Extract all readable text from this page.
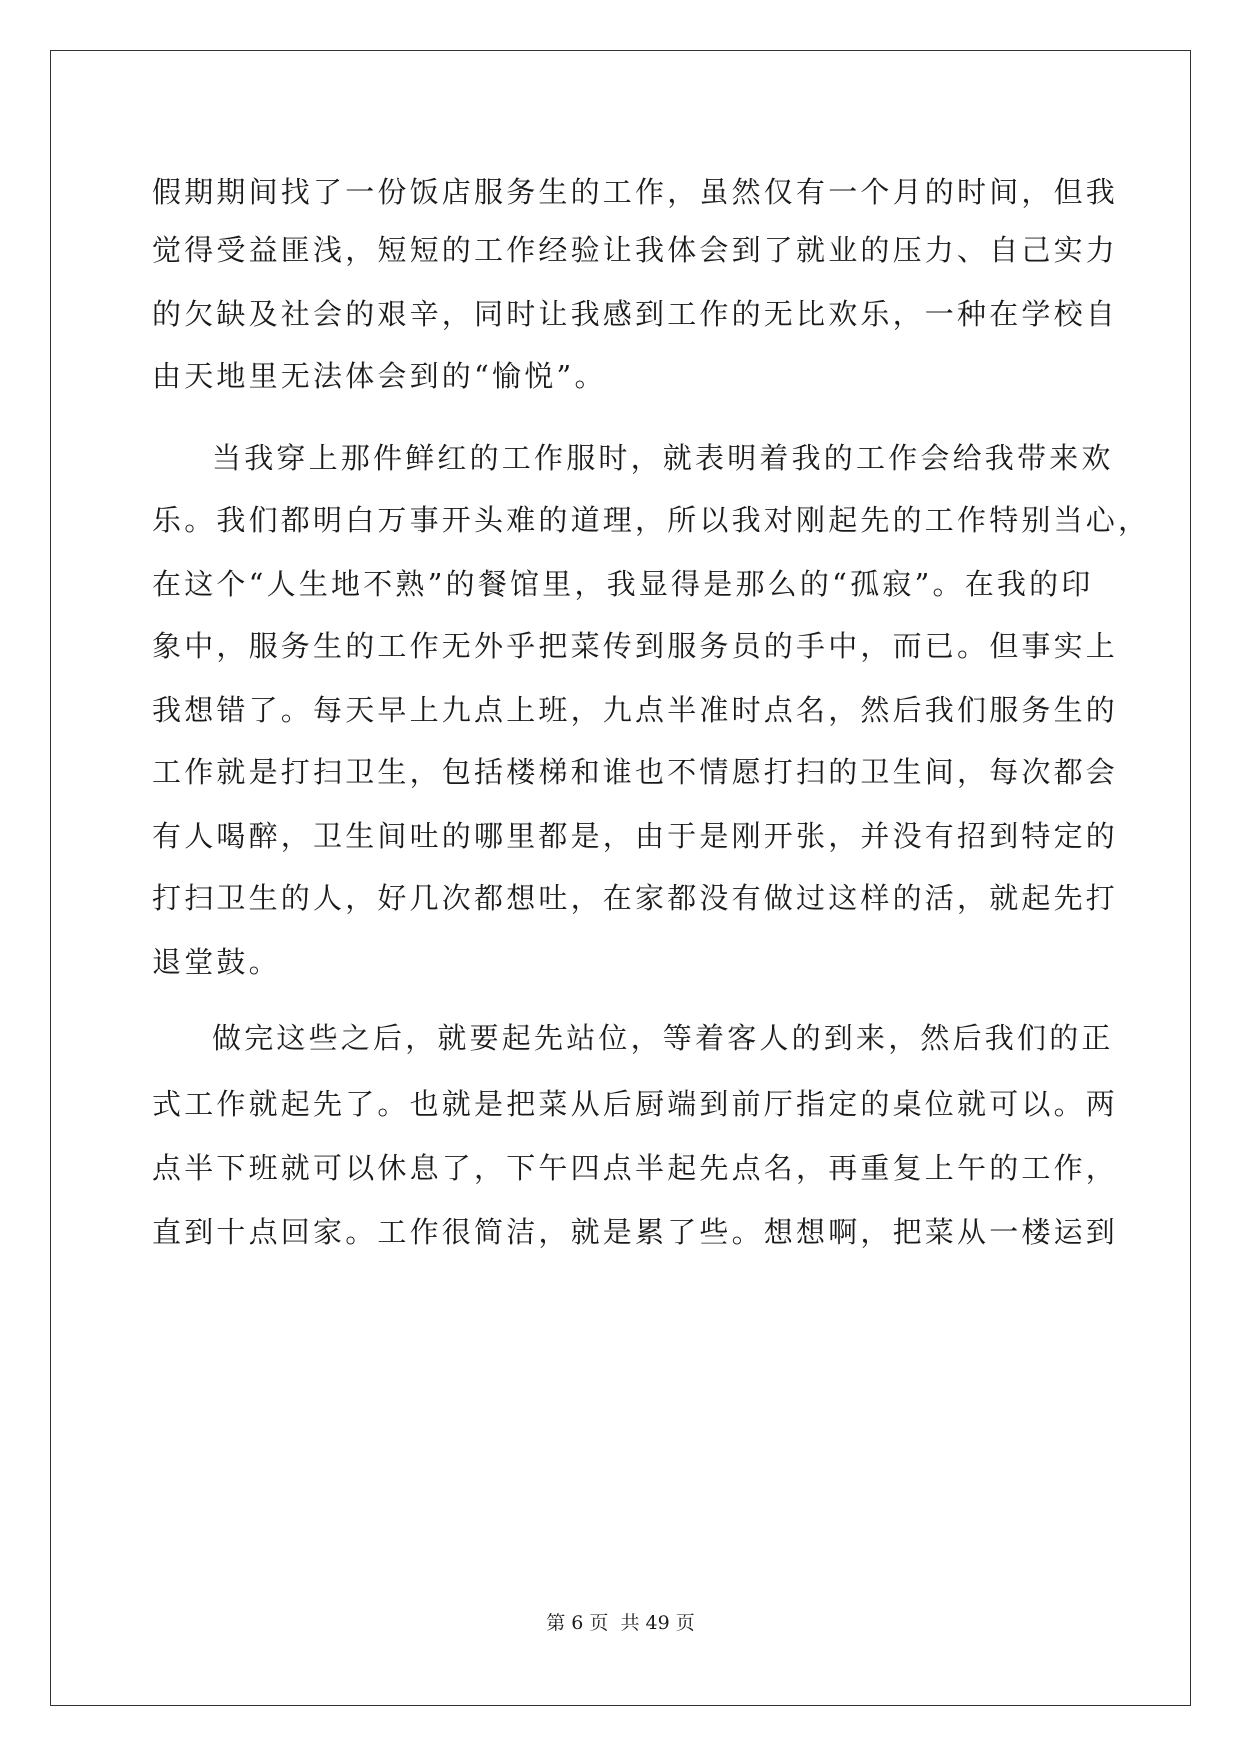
假期期间找了一份饭店服务生的工作，虽然仅有一个月的时间，但我
觉得受益匪浅，短短的工作经验让我体会到了就业的压力、自己实力
的欠缺及社会的艰辛，同时让我感到工作的无比欢乐，一种在学校自
由天地里无法体会到的“愉悦”。
当我穿上那件鲜红的工作服时，就表明着我的工作会给我带来欢
乐。我们都明白万事开头难的道理，所以我对刚起先的工作特别当心，
在这个“人生地不熟”的餐馆里，我显得是那么的“孤寂”。在我的印
象中，服务生的工作无外乎把菜传到服务员的手中，而已。但事实上
我想错了。每天早上九点上班，九点半准时点名，然后我们服务生的
工作就是打扫卫生，包括楼梯和谁也不情愿打扫的卫生间，每次都会
有人喝醉，卫生间吐的哪里都是，由于是刚开张，并没有招到特定的
打扫卫生的人，好几次都想吐，在家都没有做过这样的活，就起先打
退堂鼓。
做完这些之后，就要起先站位，等着客人的到来，然后我们的正
式工作就起先了。也就是把菜从后厨端到前厅指定的桌位就可以。两
点半下班就可以休息了，下午四点半起先点名，再重复上午的工作，
直到十点回家。工作很简洁，就是累了些。想想啊，把菜从一楼运到
第 6 页 共 49 页
